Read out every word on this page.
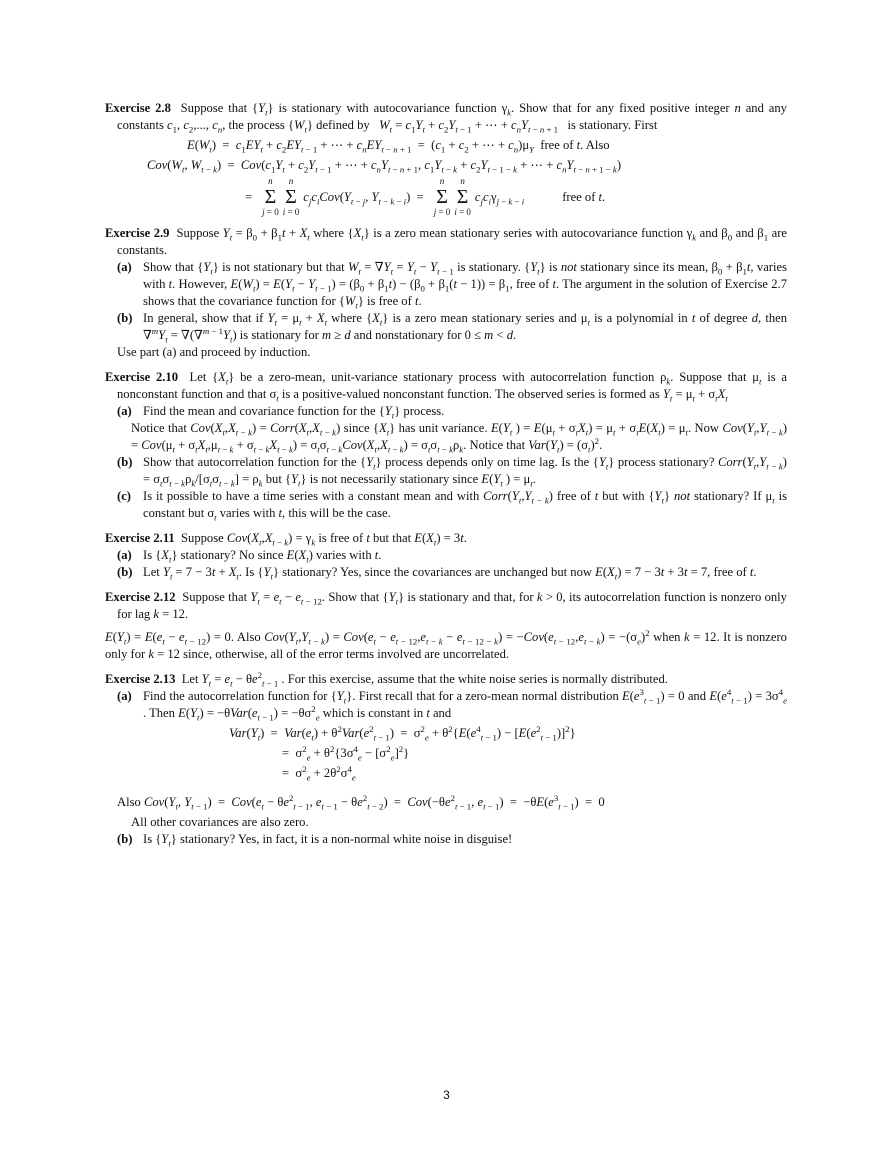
Exercise 2.8  Suppose that $\{Y_t\}$ is stationary with autocovariance function $\gamma_k$. Show that for any fixed positive integer n and any constants $c_1$, $c_2$,..., $c_n$, the process $\{W_t\}$ defined by   $W_t = c_1Y_t + c_2Y_{t - 1}$ + ⋯ + $c_nY_{t - n + 1}$   is stationary. First

$E(W_t) = c_1EY_t + c_2EY_{t - 1}$ + ⋯ + $c_nEY_{t - n + 1} = (c_1 + c_2$ + ⋯ + $c_n)\mu_Y$  free of t. Also
$Cov(W_t$, $W_{t - k}) = Cov(c_1Y_t + c_2Y_{t - 1}$ + ⋯ + $c_nY_{t - n + 1}$, $c_1Y_{t - k} + c_2Y_{t - 1 - k}$ + ⋯ + $c_nY_{t - n + 1 - k}$)
=
n
Σ
j = 0
n
Σ
i = 0
$c_jc_iCov(Y_{t - j}$, $Y_{t - k - i}$)  =
n
Σ
j = 0
n
Σ
i = 0
$c_jc_i\gamma_{j - k - i}$	free of t.

Exercise 2.9  Suppose $Y_t = \beta_0 + \beta_1t + X_t$ where $\{X_t\}$ is a zero mean stationary series with autocovariance function $\gamma_k$ and $\beta_0$ and $\beta_1$ are constants.

(a) Show that $\{Y_t\}$ is not stationary but that $W_t = \nabla Y_t = Y_t - Y_{t - 1}$ is stationary. $\{Y_t\}$ is not stationary since its mean, $\beta_0 + \beta_1t$, varies with t. However, $E(W_t) = E(Y_t - Y_{t - 1}) = (\beta_0 + \beta_1t) - (\beta_0 + \beta_1(t - 1)) = \beta_1$, free of t. The argument in the solution of Exercise 2.7 shows that the covariance function for $\{W_t\}$ is free of t.
(b) In general, show that if $Y_t = \mu_t + X_t$ where $\{X_t\}$ is a zero mean stationary series and $\mu_t$ is a polynomial in t of degree d, then $\nabla^mY_t = \nabla(\nabla^{m - 1}Y_t)$ is stationary for m ≥ d and nonstationary for 0 ≤ m < d.

Use part (a) and proceed by induction.

Exercise 2.10  Let $\{X_t\}$ be a zero-mean, unit-variance stationary process with autocorrelation function $\rho_k$. Suppose that $\mu_t$ is a nonconstant function and that $\sigma_t$ is a positive-valued nonconstant function. The observed series is formed as $Y_t = \mu_t + \sigma_tX_t$

(a) Find the mean and covariance function for the $\{Y_t\}$ process.

Notice that $Cov(X_t,X_{t - k})$ = $Corr(X_t,X_{t - k})$ since $\{X_t\}$ has unit variance. $E(Y_t$ ) = $E(\mu_t + \sigma_tX_t) = \mu_t + \sigma_tE(X_t) = \mu_t$. Now $Cov(Y_t,Y_{t - k}) = Cov(\mu_t + \sigma_tX_t,\mu_{t - k} + \sigma_{t - k}X_{t - k}) = \sigma_t\sigma_{t - k}Cov(X_t,X_{t - k}) = \sigma_t\sigma_{t - k}\rho_k$. Notice that $Var(Y_t) = (\sigma_t)^2$.

(b) Show that autocorrelation function for the $\{Y_t\}$ process depends only on time lag. Is the $\{Y_t\}$ process stationary? $Corr(Y_t,Y_{t - k}) = \sigma_t\sigma_{t - k}\rho_k/[\sigma_t\sigma_{t - k}] = \rho_k$ but $\{Y_t\}$ is not necessarily stationary since $E(Y_t$ ) = $\mu_t$.
(c) Is it possible to have a time series with a constant mean and with $Corr(Y_t,Y_{t - k})$ free of t but with $\{Y_t\}$ not stationary? If $\mu_t$ is constant but $\sigma_t$ varies with t, this will be the case.

Exercise 2.11  Suppose $Cov(X_t,X_{t - k}) = \gamma_k$ is free of t but that $E(X_t) = 3t$.

(a) Is $\{X_t\}$ stationary? No since $E(X_t)$ varies with t.
(b) Let $Y_t = 7 - 3t + X_t$. Is $\{Y_t\}$ stationary? Yes, since the covariances are unchanged but now $E(X_t) = 7 - 3t + 3t = 7$, free of t.

Exercise 2.12  Suppose that $Y_t = e_t - e_{t - 12}$. Show that $\{Y_t\}$ is stationary and that, for k > 0, its autocorrelation function is nonzero only for lag k = 12.

$E(Y_t) = E(e_t - e_{t - 12}) = 0$. Also $Cov(Y_t,Y_{t - k}) = Cov(e_t - e_{t - 12},e_{t - k} - e_{t - 12 - k}) = -Cov(e_{t - 12},e_{t - k}) = -(\sigma_e)^2$ when k = 12. It is nonzero only for k = 12 since, otherwise, all of the error terms involved are uncorrelated.

Exercise 2.13  Let $Y_t = e_t - \theta e^2_{t - 1}$ . For this exercise, assume that the white noise series is normally distributed.

(a) Find the autocorrelation function for $\{Y_t\}$. First recall that for a zero-mean normal distribution $E(e^3_{t - 1}) = 0$ and $E(e^4_{t - 1}) = 3\sigma^4_e$ . Then $E(Y_t) = -\theta Var(e_{t - 1}) = -\theta\sigma^2_e$ which is constant in t and
$Var(Y_t) = Var(e_t) + \theta^2Var(e^2_{t - 1}) = \sigma^2_e + \theta^2\{E(e^4_{t - 1}) - [E(e^2_{t - 1})]^2\}$
=  $\sigma^2_e + \theta^2\{3\sigma^4_e - [\sigma^2_e]^2\}$
=  $\sigma^2_e + 2\theta^2\sigma^4_e$
Also $Cov(Y_t$, $Y_{t - 1}) = Cov(e_t - \theta e^2_{t - 1}$, $e_{t - 1} - \theta e^2_{t - 2}) = Cov(-\theta e^2_{t - 1}$, $e_{t - 1}) = -\theta E(e^3_{t - 1}) = 0$

All other covariances are also zero.

(b) Is $\{Y_t\}$ stationary? Yes, in fact, it is a non-normal white noise in disguise!
3
